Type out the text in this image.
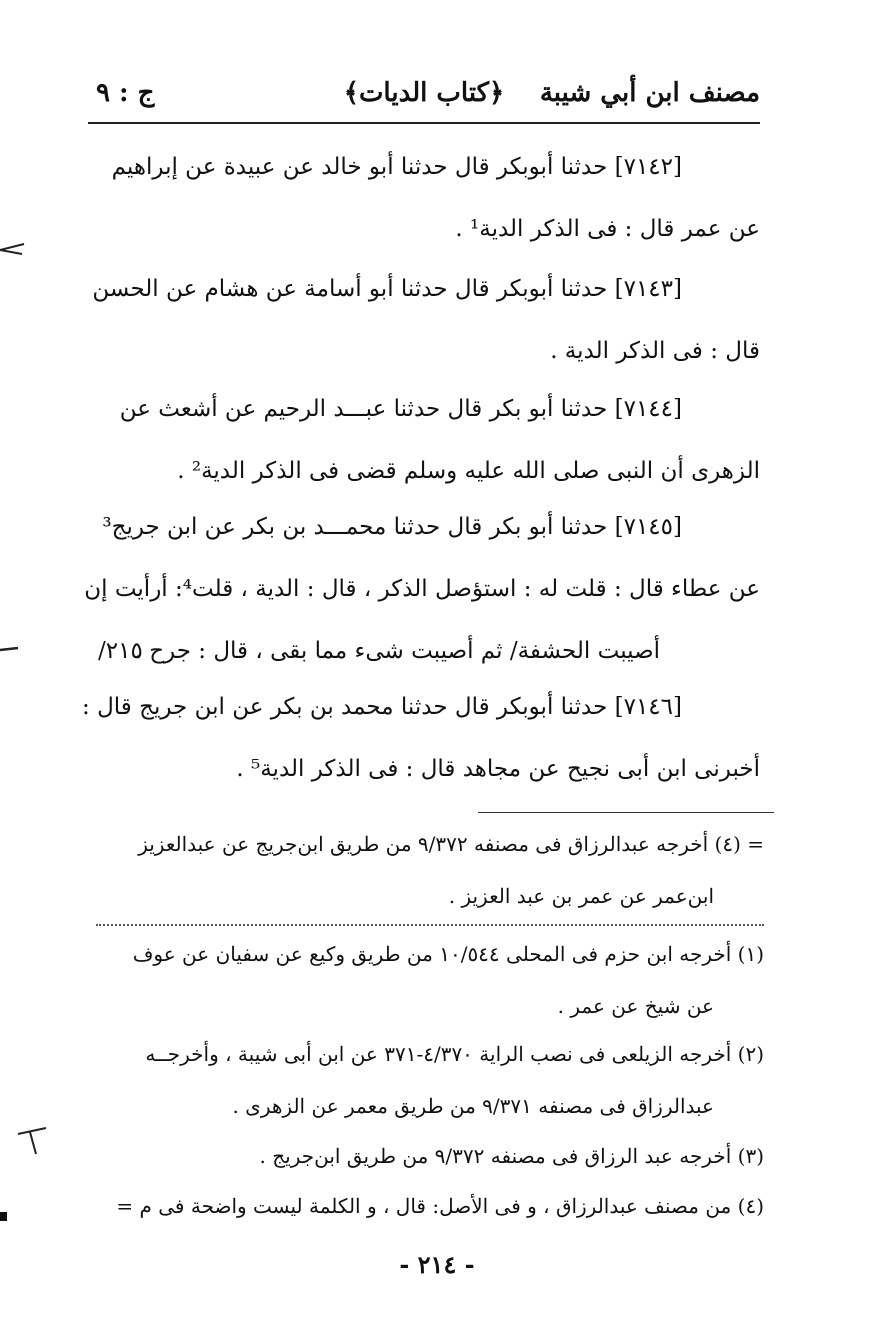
مصنف ابن أبي شيبة
﴿كتاب الديات﴾
ج : ٩

[٧١٤٢] حدثنا أبوبكر قال حدثنا أبو خالد عن عبيدة عن إبراهيم

عن عمر قال : فى الذكر الدية¹ .

[٧١٤٣] حدثنا أبوبكر قال حدثنا أبو أسامة عن هشام عن الحسن

قال : فى الذكر الدية .

[٧١٤٤] حدثنا أبو بكر قال حدثنا عبـــد الرحيم عن أشعث عن

الزهرى أن النبى صلى الله عليه وسلم قضى فى الذكر الدية² .

[٧١٤٥] حدثنا أبو بكر قال حدثنا محمـــد بن بكر عن ابن جريج³

عن عطاء قال : قلت له : استؤصل الذكر ، قال : الدية ، قلت⁴: أرأيت إن

أصيبت الحشفة/ ثم أصيبت شىء مما بقى ، قال : جرح .

٢١٥/

[٧١٤٦] حدثنا أبوبكر قال حدثنا محمد بن بكر عن ابن جريج قال :

أخبرنى ابن أبى نجيح عن مجاهد قال : فى الذكر الدية⁵ .

= (٤) أخرجه عبدالرزاق فى مصنفه ٩/٣٧٢ من طريق ابن‌جريج عن عبدالعزيز

ابن‌عمر عن عمر بن عبد العزيز .

(١) أخرجه ابن حزم فى المحلى ١٠/٥٤٤ من طريق وكيع عن سفيان عن عوف

عن شيخ عن عمر .

(٢) أخرجه الزيلعى فى نصب الراية ٤/٣٧٠-٣٧١ عن ابن أبى شيبة ، وأخرجــه

عبدالرزاق فى مصنفه ٩/٣٧١ من طريق معمر عن الزهرى .

(٣) أخرجه عبد الرزاق فى مصنفه ٩/٣٧٢ من طريق ابن‌جريج .

(٤) من مصنف عبدالرزاق ، و فى الأصل: قال ، و الكلمة ليست واضحة فى م =

- ٢١٤ -
